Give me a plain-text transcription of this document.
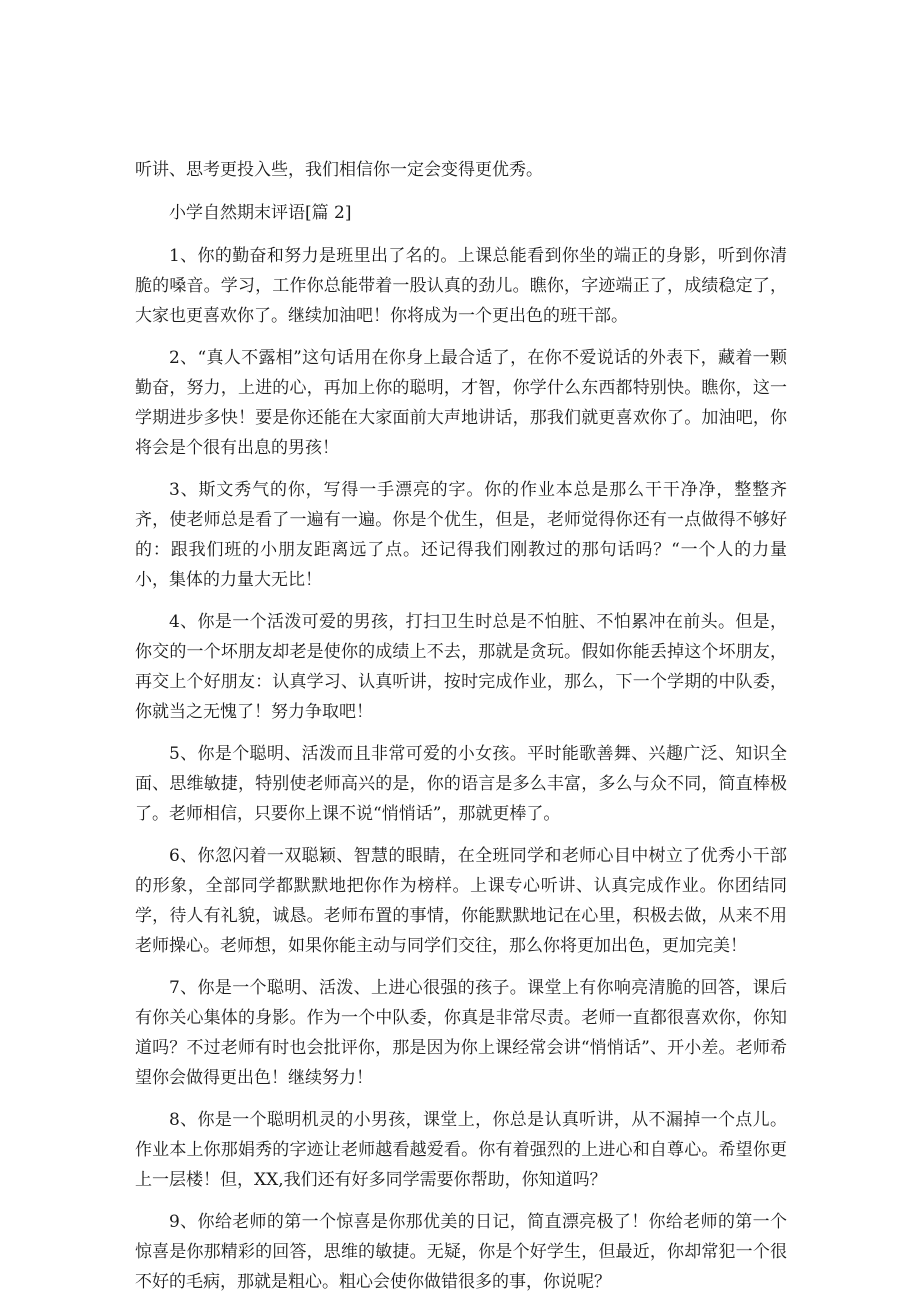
听讲、思考更投入些，我们相信你一定会变得更优秀。

小学自然期末评语[篇 2]

1、你的勤奋和努力是班里出了名的。上课总能看到你坐的端正的身影，听到你清脆的嗓音。学习，工作你总能带着一股认真的劲儿。瞧你，字迹端正了，成绩稳定了，大家也更喜欢你了。继续加油吧！你将成为一个更出色的班干部。

2、“真人不露相”这句话用在你身上最合适了，在你不爱说话的外表下，藏着一颗勤奋，努力，上进的心，再加上你的聪明，才智，你学什么东西都特别快。瞧你，这一学期进步多快！要是你还能在大家面前大声地讲话，那我们就更喜欢你了。加油吧，你将会是个很有出息的男孩！

3、斯文秀气的你，写得一手漂亮的字。你的作业本总是那么干干净净，整整齐齐，使老师总是看了一遍有一遍。你是个优生，但是，老师觉得你还有一点做得不够好的：跟我们班的小朋友距离远了点。还记得我们刚教过的那句话吗？“一个人的力量小，集体的力量大无比！

4、你是一个活泼可爱的男孩，打扫卫生时总是不怕脏、不怕累冲在前头。但是，你交的一个坏朋友却老是使你的成绩上不去，那就是贪玩。假如你能丢掉这个坏朋友，再交上个好朋友：认真学习、认真听讲，按时完成作业，那么，下一个学期的中队委，你就当之无愧了！努力争取吧！

5、你是个聪明、活泼而且非常可爱的小女孩。平时能歌善舞、兴趣广泛、知识全面、思维敏捷，特别使老师高兴的是，你的语言是多么丰富，多么与众不同，简直棒极了。老师相信，只要你上课不说“悄悄话”，那就更棒了。

6、你忽闪着一双聪颖、智慧的眼睛，在全班同学和老师心目中树立了优秀小干部的形象，全部同学都默默地把你作为榜样。上课专心听讲、认真完成作业。你团结同学，待人有礼貌，诚恳。老师布置的事情，你能默默地记在心里，积极去做，从来不用老师操心。老师想，如果你能主动与同学们交往，那么你将更加出色，更加完美！

7、你是一个聪明、活泼、上进心很强的孩子。课堂上有你响亮清脆的回答，课后有你关心集体的身影。作为一个中队委，你真是非常尽责。老师一直都很喜欢你，你知道吗？不过老师有时也会批评你，那是因为你上课经常会讲“悄悄话”、开小差。老师希望你会做得更出色！继续努力！

8、你是一个聪明机灵的小男孩，课堂上，你总是认真听讲，从不漏掉一个点儿。作业本上你那娟秀的字迹让老师越看越爱看。你有着强烈的上进心和自尊心。希望你更上一层楼！但，XX,我们还有好多同学需要你帮助，你知道吗？

9、你给老师的第一个惊喜是你那优美的日记，简直漂亮极了！你给老师的第一个惊喜是你那精彩的回答，思维的敏捷。无疑，你是个好学生，但最近，你却常犯一个很不好的毛病，那就是粗心。粗心会使你做错很多的事，你说呢？
